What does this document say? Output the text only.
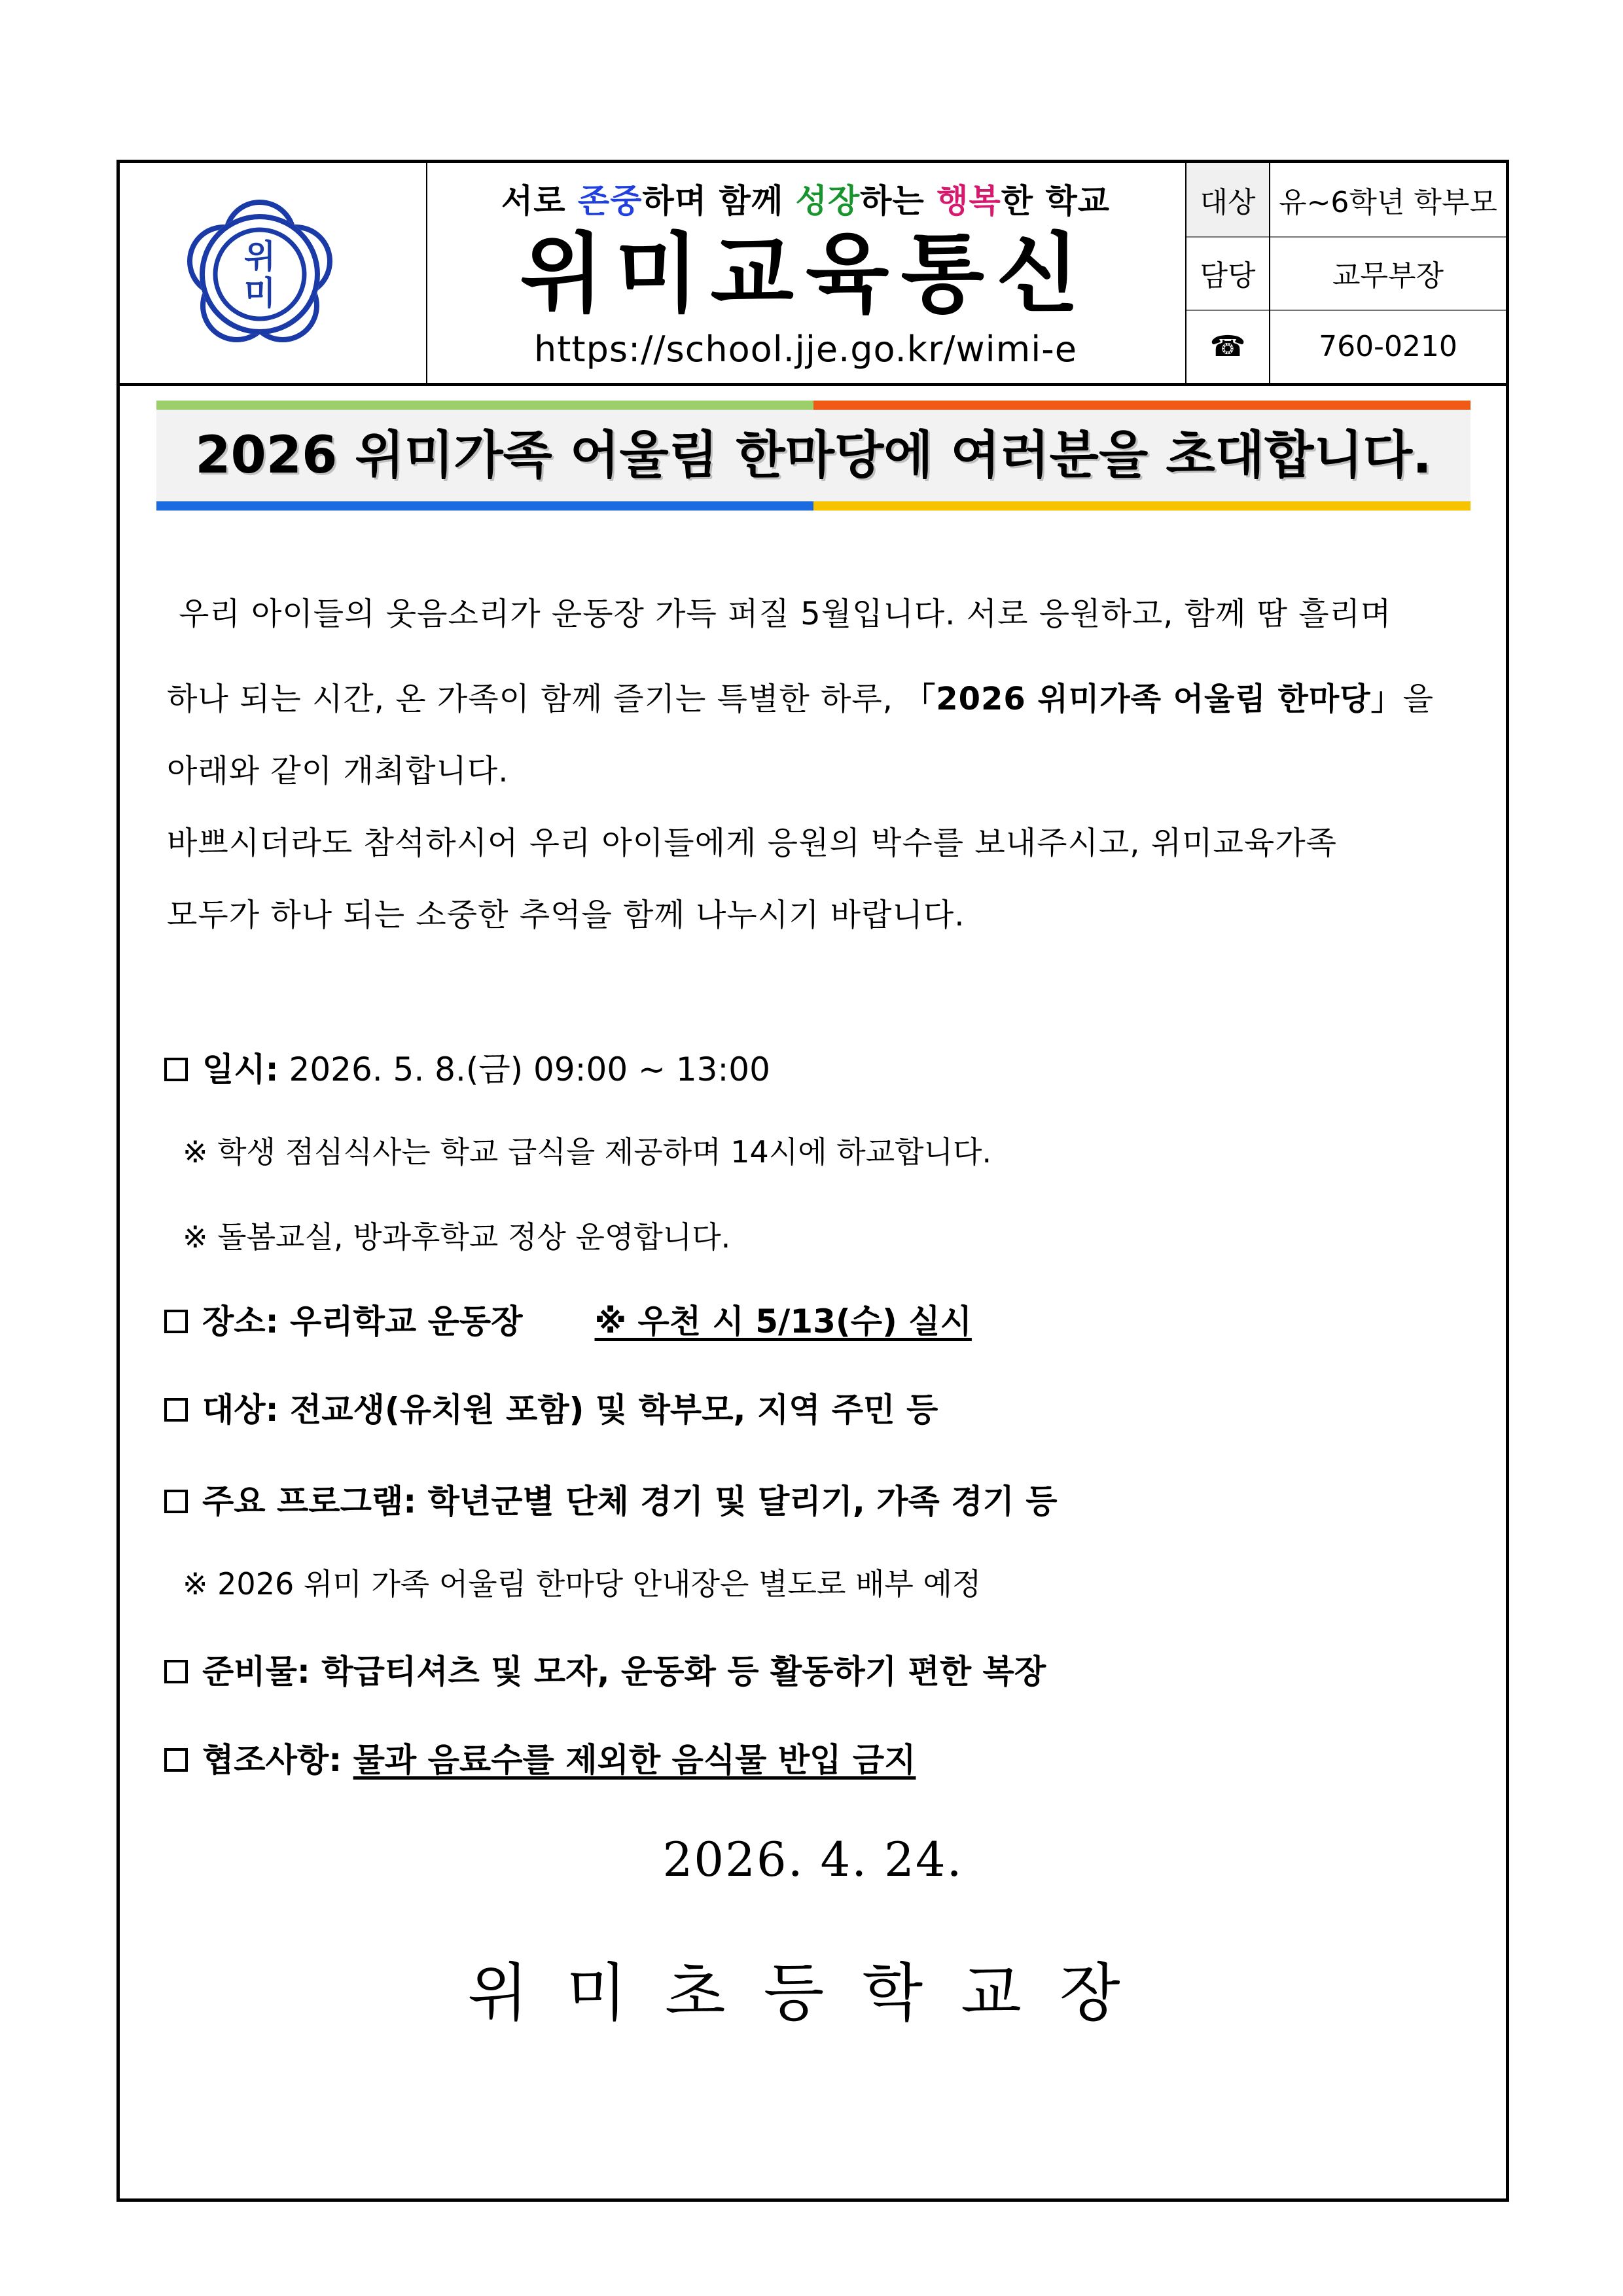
위미
서로 존중하며 함께 성장하는 행복한 학교
위미교육통신
https://school.jje.go.kr/wimi-e
대상 유~6학년 학부모
담당	교무부장
☎	760-0210
2026 위미가족 어울림 한마당에 여러분을 초대합니다.
우리 아이들의 웃음소리가 운동장 가득 퍼질 5월입니다. 서로 응원하고, 함께 땀 흘리며
하나 되는 시간, 온 가족이 함께 즐기는 특별한 하루, 「2026 위미가족 어울림 한마당」을
아래와 같이 개최합니다.
바쁘시더라도 참석하시어 우리 아이들에게 응원의 박수를 보내주시고, 위미교육가족
모두가 하나 되는 소중한 추억을 함께 나누시기 바랍니다.
일시: 2026. 5. 8.(금) 09:00 ~ 13:00
※ 학생 점심식사는 학교 급식을 제공하며 14시에 하교합니다.
※ 돌봄교실, 방과후학교 정상 운영합니다.
장소: 우리학교 운동장 ※ 우천 시 5/13(수) 실시
대상: 전교생(유치원 포함) 및 학부모, 지역 주민 등
주요 프로그램: 학년군별 단체 경기 및 달리기, 가족 경기 등
※ 2026 위미 가족 어울림 한마당 안내장은 별도로 배부 예정
준비물: 학급티셔츠 및 모자, 운동화 등 활동하기 편한 복장
협조사항: 물과 음료수를 제외한 음식물 반입 금지
2026. 4. 24.
위미초등학교장
